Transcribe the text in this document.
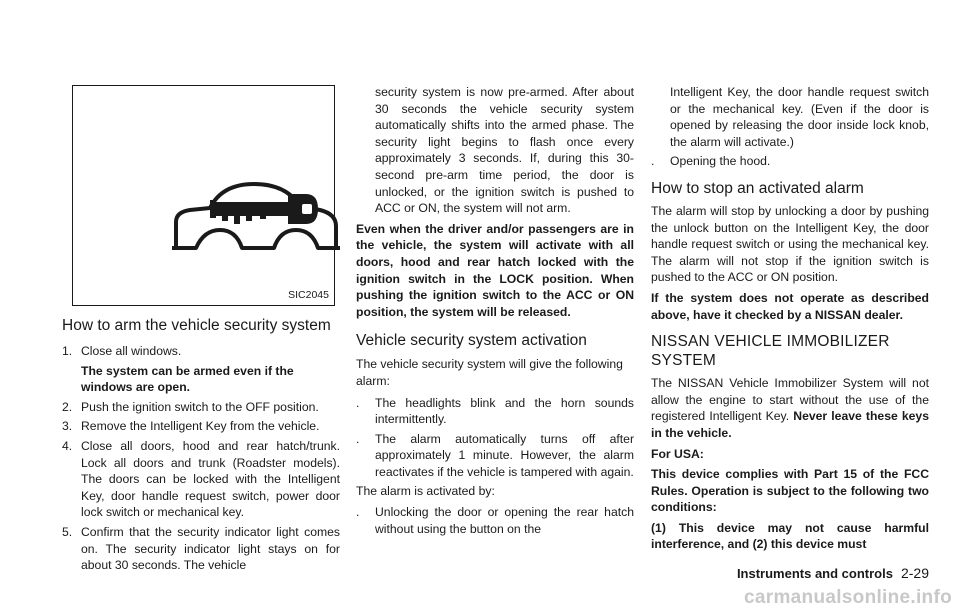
SIC2045
How to arm the vehicle security system
1. Close all windows.
The system can be armed even if the windows are open.
2. Push the ignition switch to the OFF position.
3. Remove the Intelligent Key from the vehicle.
4. Close all doors, hood and rear hatch/trunk. Lock all doors and trunk (Roadster models). The doors can be locked with the Intelligent Key, door handle request switch, power door lock switch or mechanical key.
5. Confirm that the security indicator light comes on. The security indicator light stays on for about 30 seconds. The vehicle

security system is now pre-armed. After about 30 seconds the vehicle security system automatically shifts into the armed phase. The security light begins to flash once every approximately 3 seconds. If, during this 30-second pre-arm time period, the door is unlocked, or the ignition switch is pushed to ACC or ON, the system will not arm.

Even when the driver and/or passengers are in the vehicle, the system will activate with all doors, hood and rear hatch locked with the ignition switch in the LOCK position. When pushing the ignition switch to the ACC or ON position, the system will be released.

Vehicle security system activation

The vehicle security system will give the following alarm:

. The headlights blink and the horn sounds intermittently.
. The alarm automatically turns off after approximately 1 minute. However, the alarm reactivates if the vehicle is tampered with again.

The alarm is activated by:

. Unlocking the door or opening the rear hatch without using the button on the

Intelligent Key, the door handle request switch or the mechanical key. (Even if the door is opened by releasing the door inside lock knob, the alarm will activate.)

. Opening the hood.
How to stop an activated alarm

The alarm will stop by unlocking a door by pushing the unlock button on the Intelligent Key, the door handle request switch or using the mechanical key. The alarm will not stop if the ignition switch is pushed to the ACC or ON position.

If the system does not operate as described above, have it checked by a NISSAN dealer.

NISSAN VEHICLE IMMOBILIZER SYSTEM

The NISSAN Vehicle Immobilizer System will not allow the engine to start without the use of the registered Intelligent Key. Never leave these keys in the vehicle.

For USA:

This device complies with Part 15 of the FCC Rules. Operation is subject to the following two conditions:

(1) This device may not cause harmful interference, and (2) this device must

Instruments and controls 2-29
carmanualsonline.info
